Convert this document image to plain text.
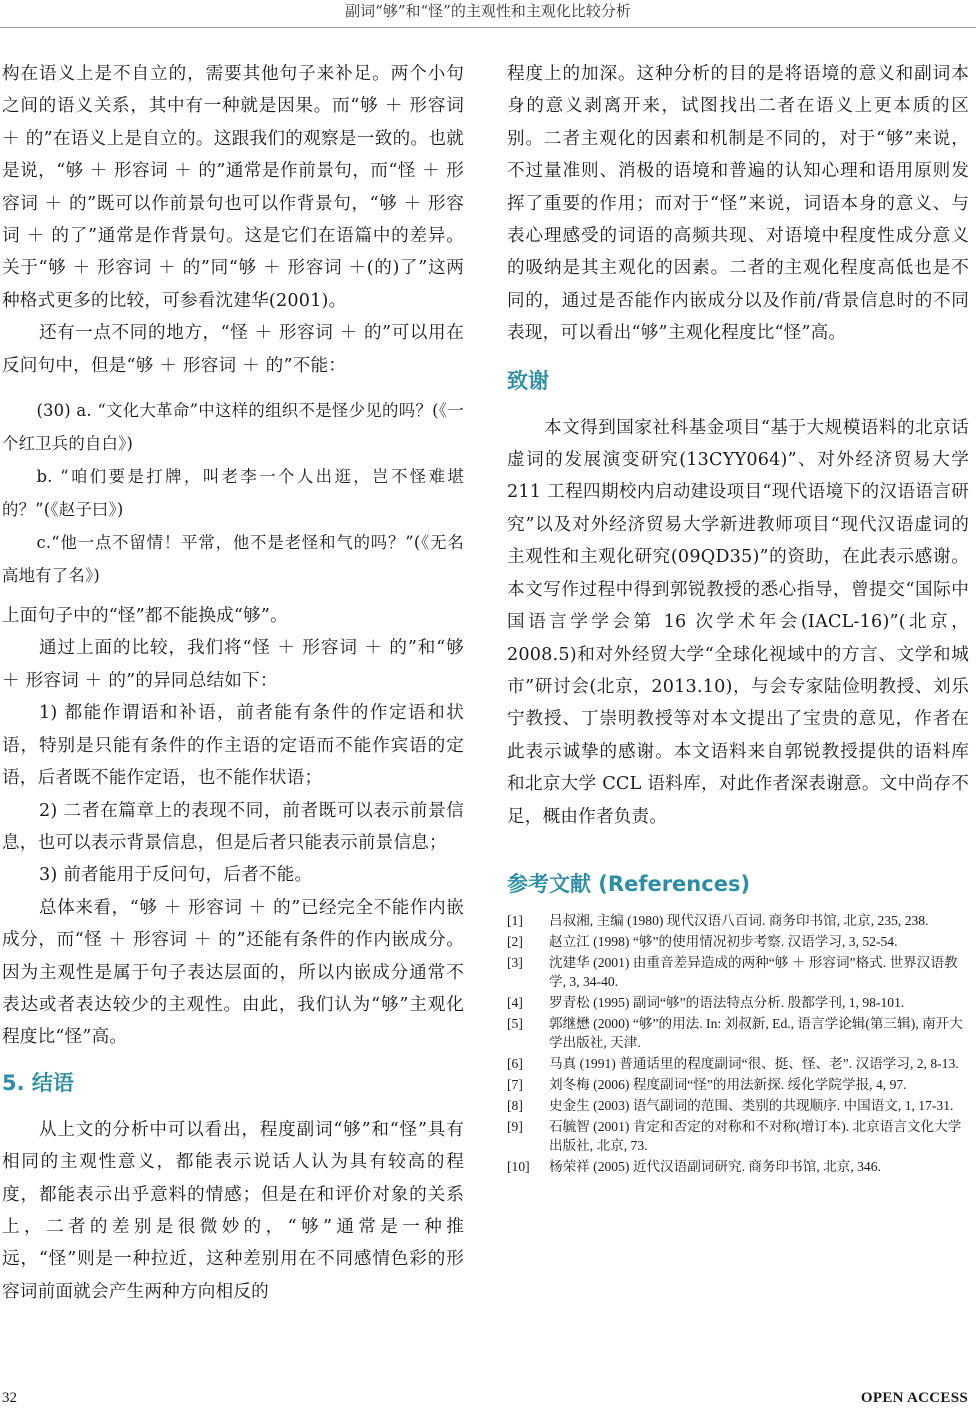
副词“够”和“怪”的主观性和主观化比较分析

构在语义上是不自立的，需要其他句子来补足。两个小句之间的语义关系，其中有一种就是因果。而“够 ＋ 形容词 ＋ 的”在语义上是自立的。这跟我们的观察是一致的。也就是说，“够 ＋ 形容词 ＋ 的”通常是作前景句，而“怪 ＋ 形容词 ＋ 的”既可以作前景句也可以作背景句，“够 ＋ 形容词 ＋ 的了”通常是作背景句。这是它们在语篇中的差异。关于“够 ＋ 形容词 ＋ 的”同“够 ＋ 形容词 ＋(的)了”这两种格式更多的比较，可参看沈建华(2001)。

还有一点不同的地方，“怪 ＋ 形容词 ＋ 的”可以用在反问句中，但是“够 ＋ 形容词 ＋ 的”不能：

(30) a. “文化大革命”中这样的组织不是怪少见的吗？(《一个红卫兵的自白》)

b. “咱们要是打牌，叫老李一个人出逛，岂不怪难堪的？”(《赵子曰》)

c.“他一点不留情！平常，他不是老怪和气的吗？”(《无名高地有了名》)

上面句子中的“怪”都不能换成“够”。

通过上面的比较，我们将“怪 ＋ 形容词 ＋ 的”和“够 ＋ 形容词 ＋ 的”的异同总结如下：

1) 都能作谓语和补语，前者能有条件的作定语和状语，特别是只能有条件的作主语的定语而不能作宾语的定语，后者既不能作定语，也不能作状语；

2) 二者在篇章上的表现不同，前者既可以表示前景信息，也可以表示背景信息，但是后者只能表示前景信息；

3) 前者能用于反问句，后者不能。

总体来看，“够 ＋ 形容词 ＋ 的”已经完全不能作内嵌成分，而“怪 ＋ 形容词 ＋ 的”还能有条件的作内嵌成分。因为主观性是属于句子表达层面的，所以内嵌成分通常不表达或者表达较少的主观性。由此，我们认为“够”主观化程度比“怪”高。

5. 结语

从上文的分析中可以看出，程度副词“够”和“怪”具有相同的主观性意义，都能表示说话人认为具有较高的程度，都能表示出乎意料的情感；但是在和评价对象的关系上，二者的差别是很微妙的，“够”通常是一种推远，“怪”则是一种拉近，这种差别用在不同感情色彩的形容词前面就会产生两种方向相反的

程度上的加深。这种分析的目的是将语境的意义和副词本身的意义剥离开来，试图找出二者在语义上更本质的区别。二者主观化的因素和机制是不同的，对于“够”来说，不过量准则、消极的语境和普遍的认知心理和语用原则发挥了重要的作用；而对于“怪”来说，词语本身的意义、与表心理感受的词语的高频共现、对语境中程度性成分意义的吸纳是其主观化的因素。二者的主观化程度高低也是不同的，通过是否能作内嵌成分以及作前/背景信息时的不同表现，可以看出“够”主观化程度比“怪”高。

致谢

本文得到国家社科基金项目“基于大规模语料的北京话虚词的发展演变研究(13CYY064)”、对外经济贸易大学 211 工程四期校内启动建设项目“现代语境下的汉语语言研究”以及对外经济贸易大学新进教师项目“现代汉语虚词的主观性和主观化研究(09QD35)”的资助，在此表示感谢。本文写作过程中得到郭锐教授的悉心指导，曾提交“国际中国语言学学会第 16 次学术年会(IACL-16)”(北京，2008.5)和对外经贸大学“全球化视域中的方言、文学和城市”研讨会(北京，2013.10)，与会专家陆俭明教授、刘乐宁教授、丁崇明教授等对本文提出了宝贵的意见，作者在此表示诚挚的感谢。本文语料来自郭锐教授提供的语料库和北京大学 CCL 语料库，对此作者深表谢意。文中尚存不足，概由作者负责。

参考文献 (References)
[1]	吕叔湘, 主编 (1980) 现代汉语八百词. 商务印书馆, 北京, 235, 238.
[2]	赵立江 (1998) “够”的使用情况初步考察. 汉语学习, 3, 52-54.
[3]	沈建华 (2001) 由重音差异造成的两种“够 ＋ 形容词”格式. 世界汉语教学, 3, 34-40.
[4]	罗青松 (1995) 副词“够”的语法特点分析. 殷都学刊, 1, 98-101.
[5]	郭继懋 (2000) “够”的用法. In: 刘叔新, Ed., 语言学论辑(第三辑), 南开大学出版社, 天津.
[6]	马真 (1991) 普通话里的程度副词“很、挺、怪、老”. 汉语学习, 2, 8-13.
[7]	刘冬梅 (2006) 程度副词“怪”的用法新探. 绥化学院学报, 4, 97.
[8]	史金生 (2003) 语气副词的范围、类别的共现顺序. 中国语文, 1, 17-31.
[9]	石毓智 (2001) 肯定和否定的对称和不对称(增订本). 北京语言文化大学出版社, 北京, 73.
[10]	杨荣祥 (2005) 近代汉语副词研究. 商务印书馆, 北京, 346.
32	OPEN ACCESS
